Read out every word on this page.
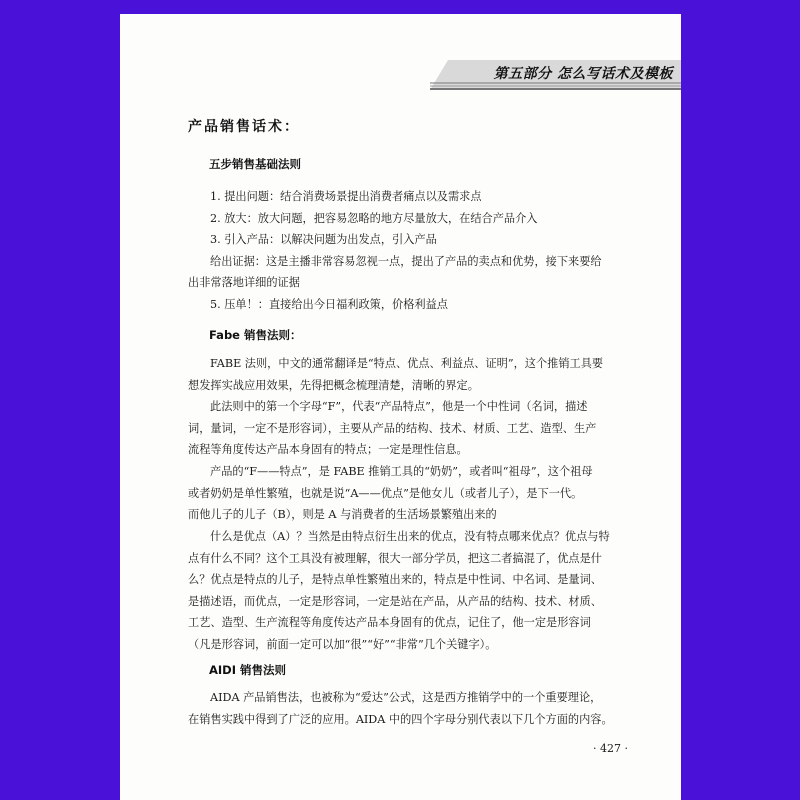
第五部分 怎么写话术及模板
产品销售话术：
五步销售基础法则
1. 提出问题：结合消费场景提出消费者痛点以及需求点
2. 放大：放大问题，把容易忽略的地方尽量放大，在结合产品介入
3. 引入产品：以解决问题为出发点，引入产品
给出证据：这是主播非常容易忽视一点，提出了产品的卖点和优势，接下来要给
出非常落地详细的证据
5. 压单！：直接给出今日福利政策，价格利益点
Fabe 销售法则：
FABE 法则，中文的通常翻译是“特点、优点、利益点、证明”，这个推销工具要
想发挥实战应用效果，先得把概念梳理清楚，清晰的界定。
此法则中的第一个字母“F”，代表“产品特点”，他是一个中性词（名词，描述
词，量词，一定不是形容词），主要从产品的结构、技术、材质、工艺、造型、生产
流程等角度传达产品本身固有的特点；一定是理性信息。
产品的“F——特点”，是 FABE 推销工具的“奶奶”，或者叫“祖母”，这个祖母
或者奶奶是单性繁殖，也就是说“A——优点”是他女儿（或者儿子），是下一代。
而他儿子的儿子（B），则是 A 与消费者的生活场景繁殖出来的
什么是优点（A）？当然是由特点衍生出来的优点，没有特点哪来优点？优点与特
点有什么不同？这个工具没有被理解，很大一部分学员，把这二者搞混了，优点是什
么？优点是特点的儿子，是特点单性繁殖出来的，特点是中性词、中名词、是量词、
是描述语，而优点，一定是形容词，一定是站在产品，从产品的结构、技术、材质、
工艺、造型、生产流程等角度传达产品本身固有的优点，记住了，他一定是形容词
（凡是形容词，前面一定可以加“很”“好”“非常”几个关键字）。
AIDI 销售法则
AIDA 产品销售法，也被称为“爱达”公式，这是西方推销学中的一个重要理论，
在销售实践中得到了广泛的应用。AIDA 中的四个字母分别代表以下几个方面的内容。
· 427 ·
